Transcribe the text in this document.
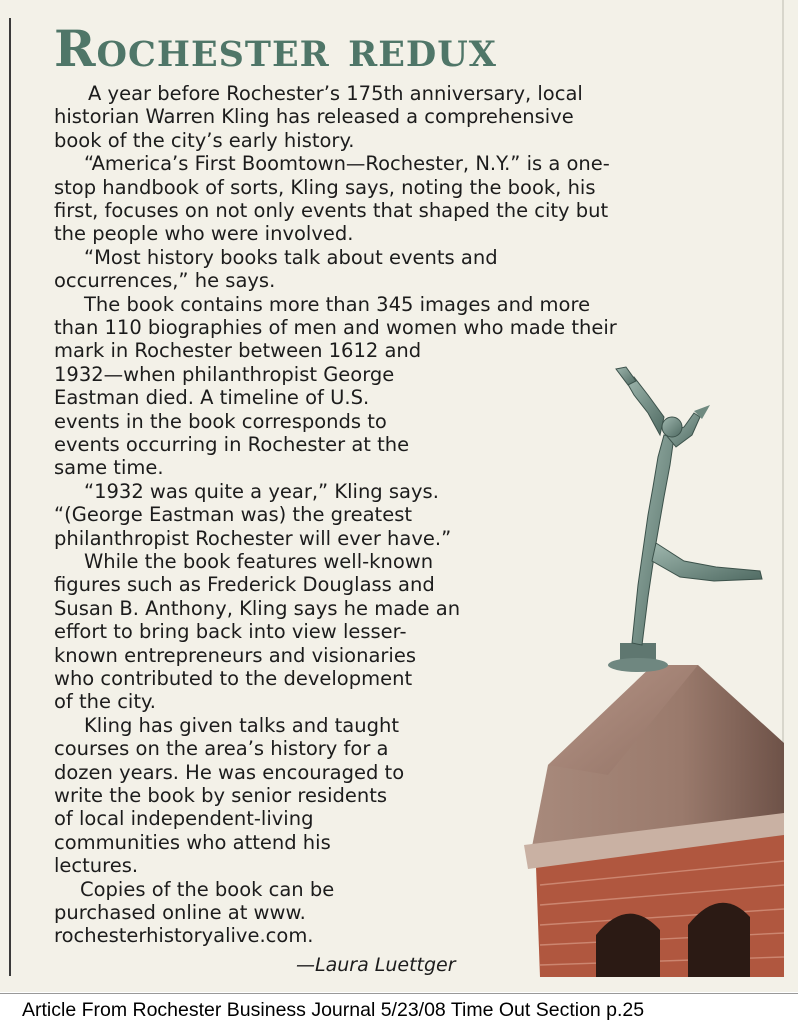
Rochester redux
A year before Rochester’s 175th anniversary, local
historian Warren Kling has released a comprehensive
book of the city’s early history.
“America’s First Boomtown—Rochester, N.Y.” is a one-
stop handbook of sorts, Kling says, noting the book, his
first, focuses on not only events that shaped the city but
the people who were involved.
“Most history books talk about events and
occurrences,” he says.
The book contains more than 345 images and more
than 110 biographies of men and women who made their
mark in Rochester between 1612 and
1932—when philanthropist George
Eastman died. A timeline of U.S.
events in the book corresponds to
events occurring in Rochester at the
same time.
“1932 was quite a year,” Kling says.
“(George Eastman was) the greatest
philanthropist Rochester will ever have.”
While the book features well-known
figures such as Frederick Douglass and
Susan B. Anthony, Kling says he made an
effort to bring back into view lesser-
known entrepreneurs and visionaries
who contributed to the development
of the city.
Kling has given talks and taught
courses on the area’s history for a
dozen years. He was encouraged to
write the book by senior residents
of local independent-living
communities who attend his
lectures.
Copies of the book can be
purchased online at www.
rochesterhistoryalive.com.
—Laura Luettger
Article From Rochester Business Journal 5/23/08 Time Out Section p.25
